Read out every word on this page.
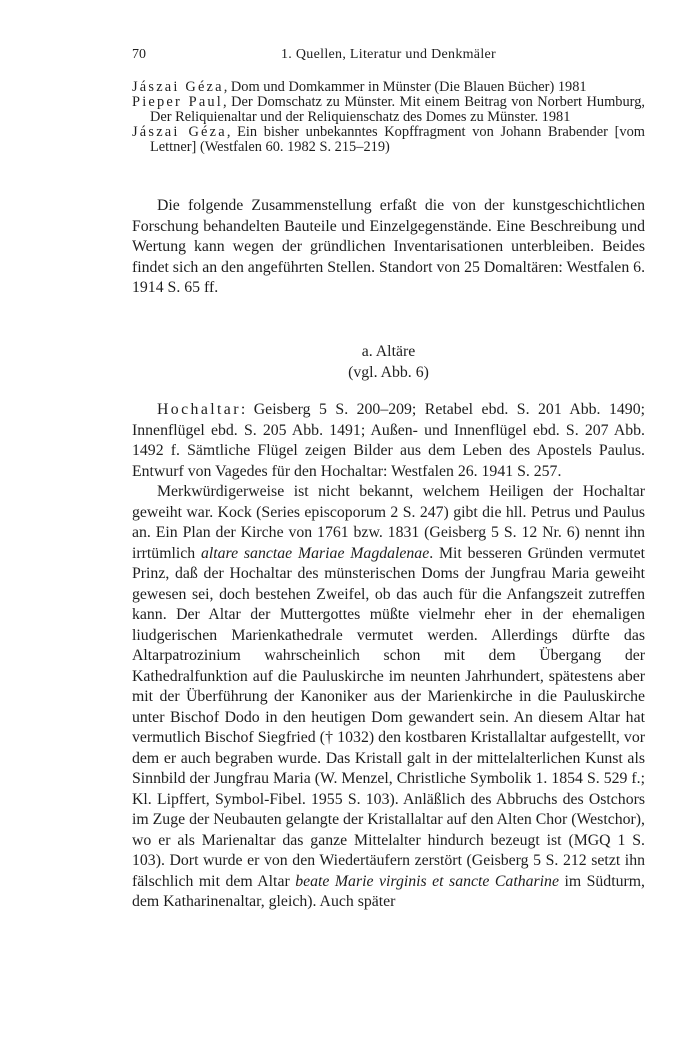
70	1. Quellen, Literatur und Denkmäler
Jászai Géza, Dom und Domkammer in Münster (Die Blauen Bücher) 1981
Pieper Paul, Der Domschatz zu Münster. Mit einem Beitrag von Norbert Humburg, Der Reliquienaltar und der Reliquienschatz des Domes zu Münster. 1981
Jászai Géza, Ein bisher unbekanntes Kopffragment von Johann Brabender [vom Lettner] (Westfalen 60. 1982 S. 215–219)
Die folgende Zusammenstellung erfaßt die von der kunstgeschichtlichen Forschung behandelten Bauteile und Einzelgegenstände. Eine Beschreibung und Wertung kann wegen der gründlichen Inventarisationen unterbleiben. Beides findet sich an den angeführten Stellen. Standort von 25 Domaltären: Westfalen 6. 1914 S. 65 ff.
a. Altäre
(vgl. Abb. 6)

Hochaltar: Geisberg 5 S. 200–209; Retabel ebd. S. 201 Abb. 1490; Innenflügel ebd. S. 205 Abb. 1491; Außen- und Innenflügel ebd. S. 207 Abb. 1492 f. Sämtliche Flügel zeigen Bilder aus dem Leben des Apostels Paulus. Entwurf von Vagedes für den Hochaltar: Westfalen 26. 1941 S. 257.

Merkwürdigerweise ist nicht bekannt, welchem Heiligen der Hochaltar geweiht war. Kock (Series episcoporum 2 S. 247) gibt die hll. Petrus und Paulus an. Ein Plan der Kirche von 1761 bzw. 1831 (Geisberg 5 S. 12 Nr. 6) nennt ihn irrtümlich altare sanctae Mariae Magdalenae. Mit besseren Gründen vermutet Prinz, daß der Hochaltar des münsterischen Doms der Jungfrau Maria geweiht gewesen sei, doch bestehen Zweifel, ob das auch für die Anfangszeit zutreffen kann. Der Altar der Muttergottes müßte vielmehr eher in der ehemaligen liudgerischen Marienkathedrale vermutet werden. Allerdings dürfte das Altarpatrozinium wahrscheinlich schon mit dem Übergang der Kathedralfunktion auf die Pauluskirche im neunten Jahrhundert, spätestens aber mit der Überführung der Kanoniker aus der Marienkirche in die Pauluskirche unter Bischof Dodo in den heutigen Dom gewandert sein. An diesem Altar hat vermutlich Bischof Siegfried († 1032) den kostbaren Kristallaltar aufgestellt, vor dem er auch begraben wurde. Das Kristall galt in der mittelalterlichen Kunst als Sinnbild der Jungfrau Maria (W. Menzel, Christliche Symbolik 1. 1854 S. 529 f.; Kl. Lipffert, Symbol-Fibel. 1955 S. 103). Anläßlich des Abbruchs des Ostchors im Zuge der Neubauten gelangte der Kristallaltar auf den Alten Chor (Westchor), wo er als Marienaltar das ganze Mittelalter hindurch bezeugt ist (MGQ 1 S. 103). Dort wurde er von den Wiedertäufern zerstört (Geisberg 5 S. 212 setzt ihn fälschlich mit dem Altar beate Marie virginis et sancte Catharine im Südturm, dem Katharinenaltar, gleich). Auch später
